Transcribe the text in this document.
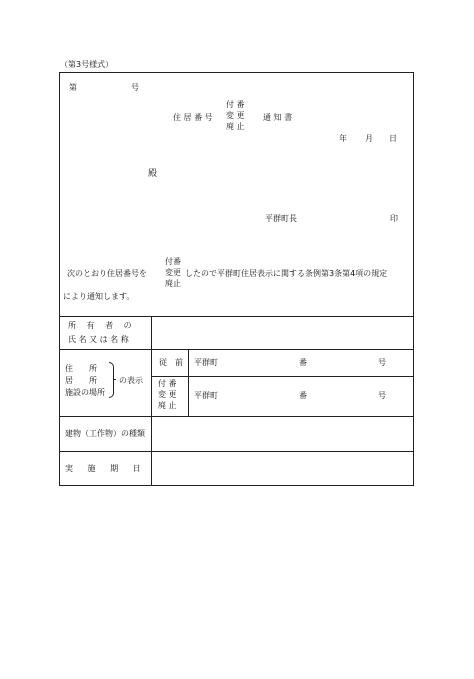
（第3号様式）
第	号
住 居 番 号
付 番
変 更
廃 止
通 知 書
年 月 日
殿
平群町長	印
次のとおり住居番号を
付番
変更
廃止
したので平群町住居表示に関する条例第3条第4項の規定
により通知します。
所 有 者 の
氏 名 又 は 名 称
住　　所
居　　所
施設の場所
の表示
従　前 平群町	番	号
付 番
変 更
廃 止
平群町	番	号
建物（工作物）の種類
実 施 期 日
